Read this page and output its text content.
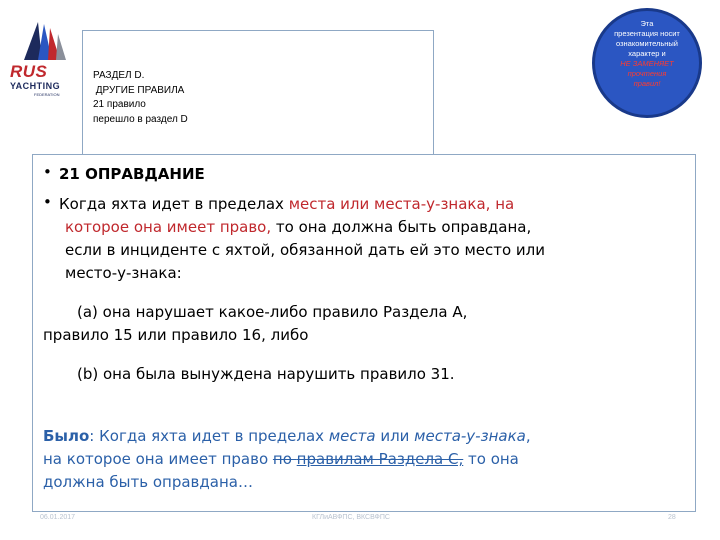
RUS
YACHTING
FEDERATION
РАЗДЕЛ D.
ДРУГИЕ ПРАВИЛА
21 правило
перешло в раздел D
Эта
презентация носит
ознакомительный
характер и
НЕ ЗАМЕНЯЕТ
прочтения
правил!
• 21 ОПРАВДАНИЕ
• Когда яхта идет в пределах места или места-у-знака, на
которое она имеет право, то она должна быть оправдана,
если в инциденте с яхтой, обязанной дать ей это место или
место-у-знака:
(a) она нарушает какое-либо правило Раздела А,
правило 15 или правило 16, либо
(b) она была вынуждена нарушить правило 31.
Было: Когда яхта идет в пределах места или места-у-знака,
на которое она имеет право по правилам Раздела С, то она
должна быть оправдана…
06.01.2017	КГЛиАВФПС, ВКСВФПС	28
